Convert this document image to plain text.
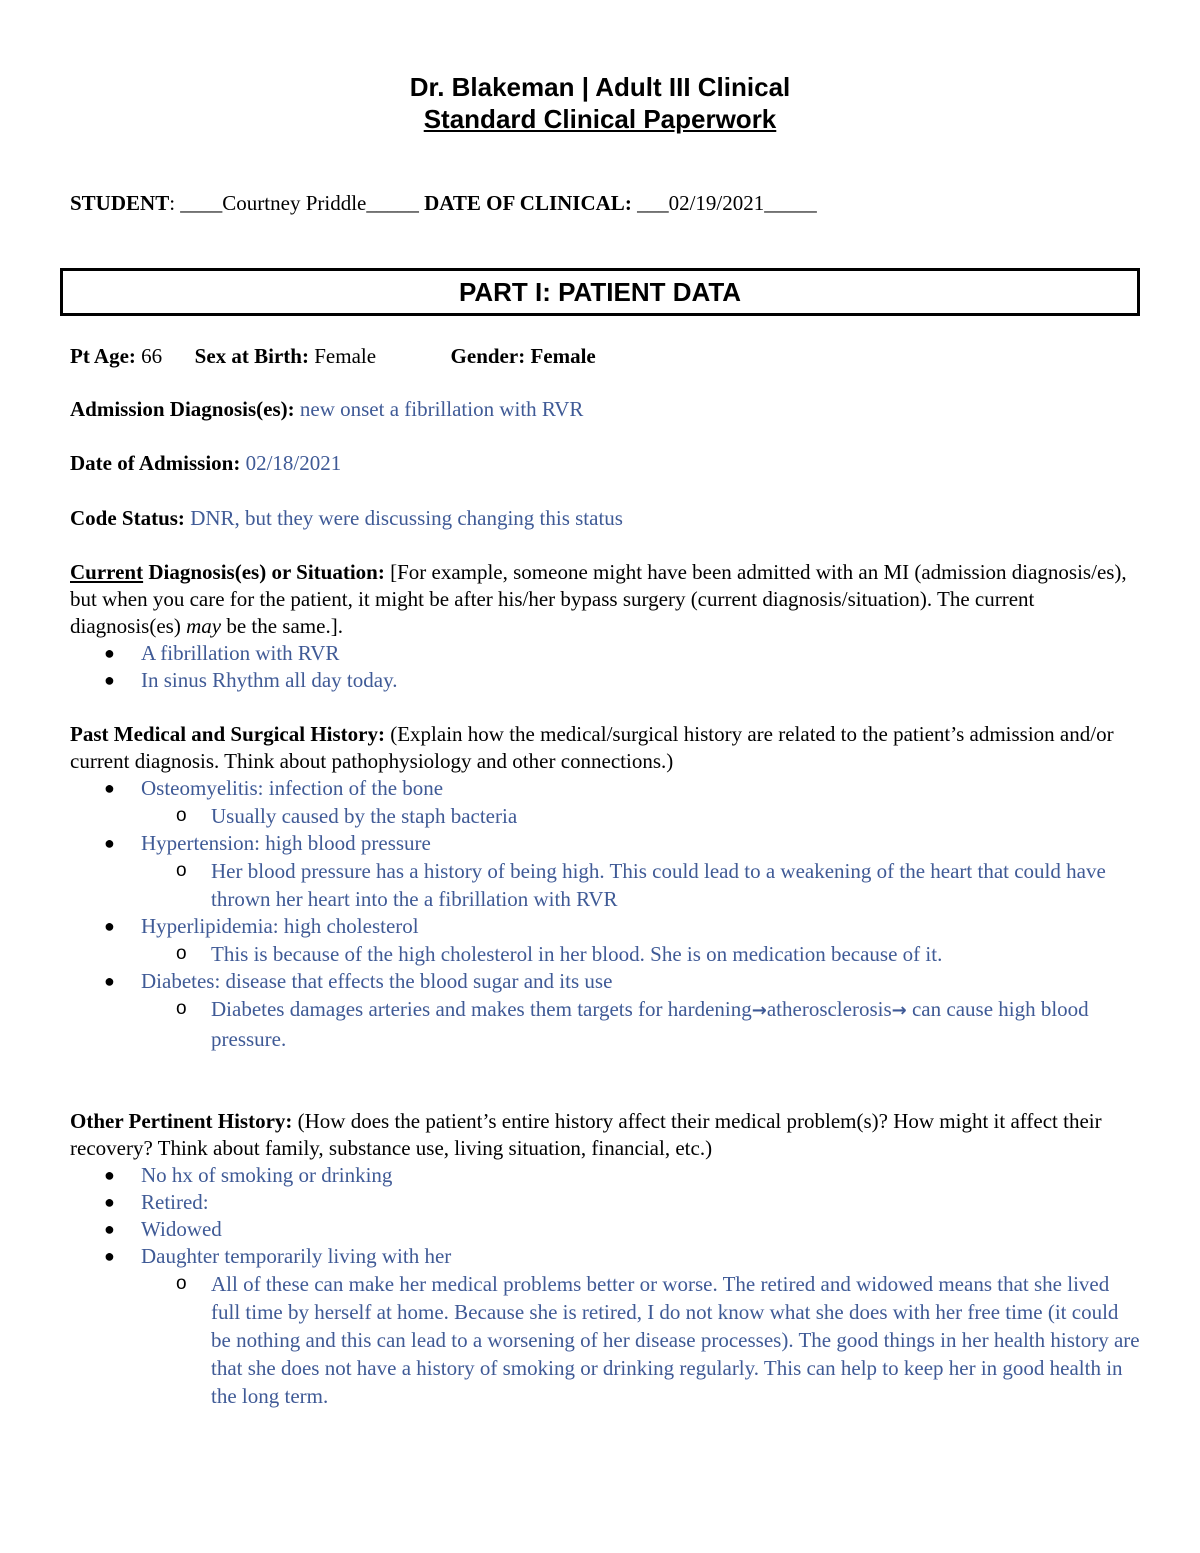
Dr. Blakeman | Adult III Clinical
Standard Clinical Paperwork
STUDENT: ____Courtney Priddle_____ DATE OF CLINICAL: ___02/19/2021_____
PART I: PATIENT DATA
Pt Age: 66 Sex at Birth: Female	Gender: Female
Admission Diagnosis(es): new onset a fibrillation with RVR
Date of Admission: 02/18/2021
Code Status: DNR, but they were discussing changing this status
Current Diagnosis(es) or Situation: [For example, someone might have been admitted with an MI (admission diagnosis/es), but when you care for the patient, it might be after his/her bypass surgery (current diagnosis/situation). The current diagnosis(es) may be the same.].
● A fibrillation with RVR
● In sinus Rhythm all day today.
Past Medical and Surgical History: (Explain how the medical/surgical history are related to the patient’s admission and/or current diagnosis. Think about pathophysiology and other connections.)
● Osteomyelitis: infection of the bone
o Usually caused by the staph bacteria
● Hypertension: high blood pressure
o Her blood pressure has a history of being high. This could lead to a weakening of the heart that could have thrown her heart into the a fibrillation with RVR
● Hyperlipidemia: high cholesterol
o This is because of the high cholesterol in her blood. She is on medication because of it.
● Diabetes: disease that effects the blood sugar and its use
o Diabetes damages arteries and makes them targets for hardening→atherosclerosis→ can cause high blood pressure.
Other Pertinent History: (How does the patient’s entire history affect their medical problem(s)? How might it affect their recovery? Think about family, substance use, living situation, financial, etc.)
● No hx of smoking or drinking
● Retired:
● Widowed
● Daughter temporarily living with her
o All of these can make her medical problems better or worse. The retired and widowed means that she lived full time by herself at home. Because she is retired, I do not know what she does with her free time (it could be nothing and this can lead to a worsening of her disease processes). The good things in her health history are that she does not have a history of smoking or drinking regularly. This can help to keep her in good health in the long term.
